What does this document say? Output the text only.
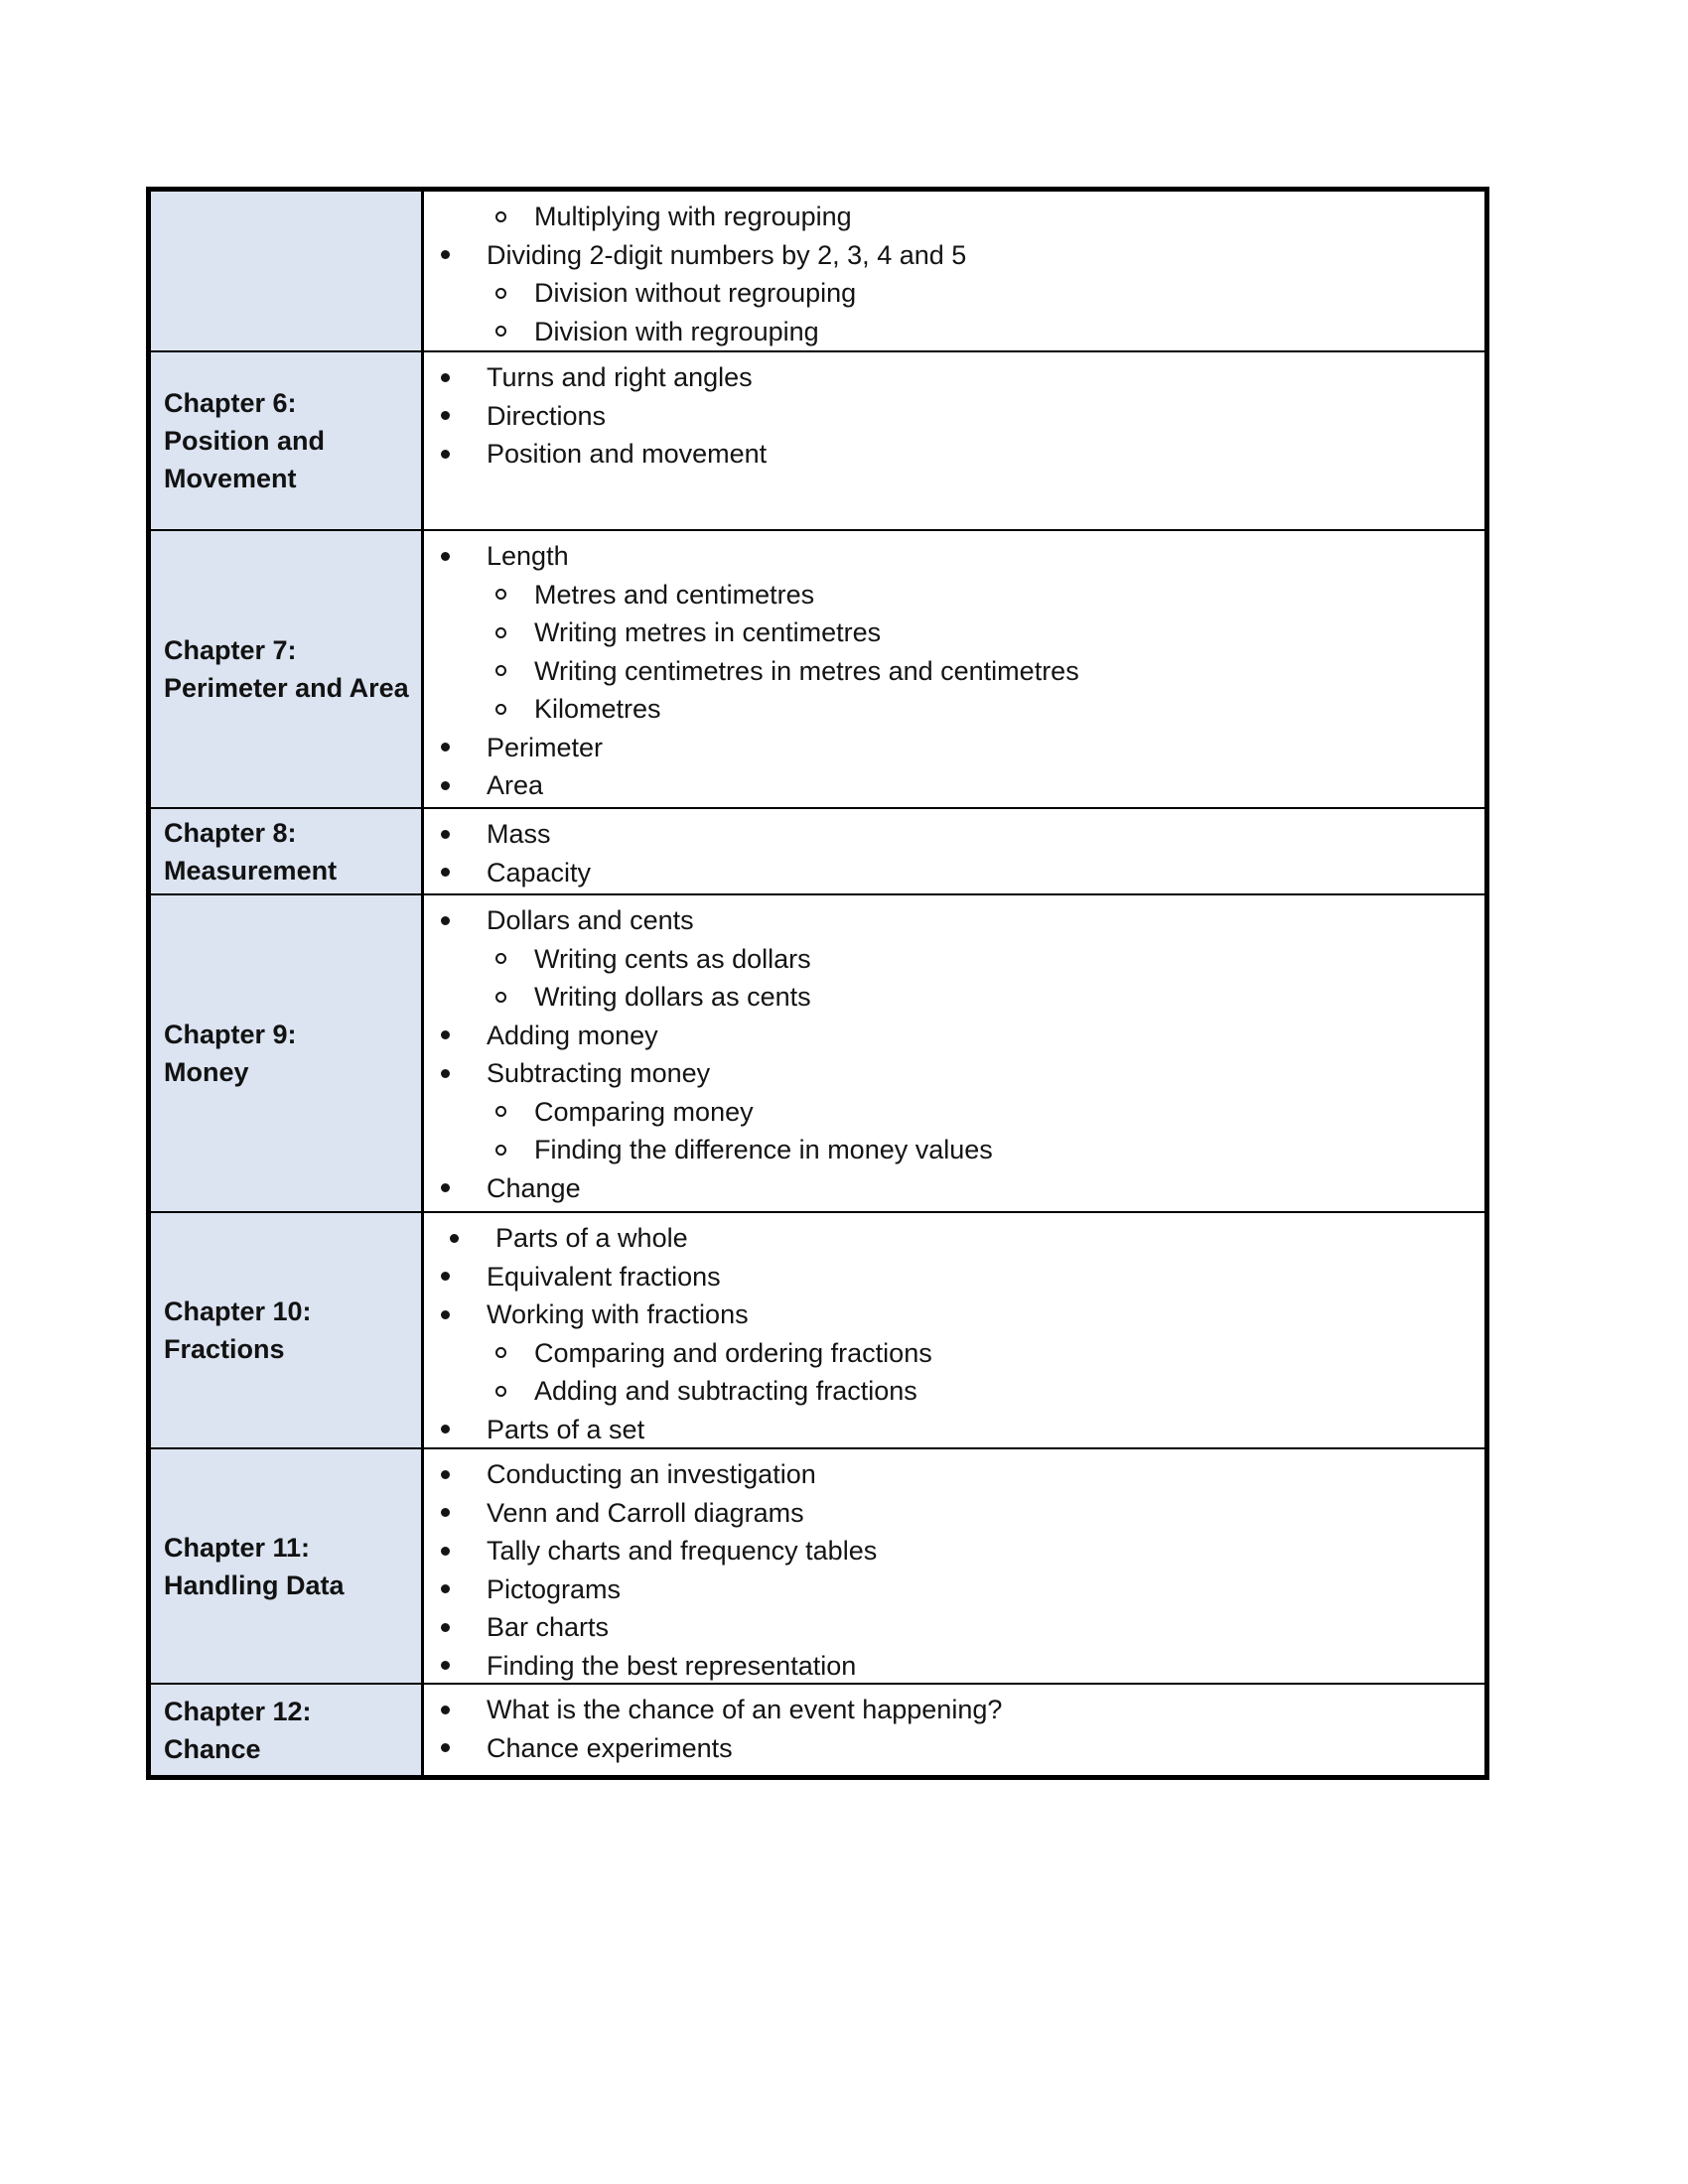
Multiplying with regrouping
Dividing 2-digit numbers by 2, 3, 4 and 5
Division without regrouping
Division with regrouping
Chapter 6:
Position and Movement
Turns and right angles
Directions
Position and movement
Chapter 7:
Perimeter and Area
Length
Metres and centimetres
Writing metres in centimetres
Writing centimetres in metres and centimetres
Kilometres
Perimeter
Area
Chapter 8:
Measurement
Mass
Capacity
Chapter 9:
Money
Dollars and cents
Writing cents as dollars
Writing dollars as cents
Adding money
Subtracting money
Comparing money
Finding the difference in money values
Change
Chapter 10:
Fractions
Parts of a whole
Equivalent fractions
Working with fractions
Comparing and ordering fractions
Adding and subtracting fractions
Parts of a set
Chapter 11:
Handling Data
Conducting an investigation
Venn and Carroll diagrams
Tally charts and frequency tables
Pictograms
Bar charts
Finding the best representation
Chapter 12:
Chance
What is the chance of an event happening?
Chance experiments
